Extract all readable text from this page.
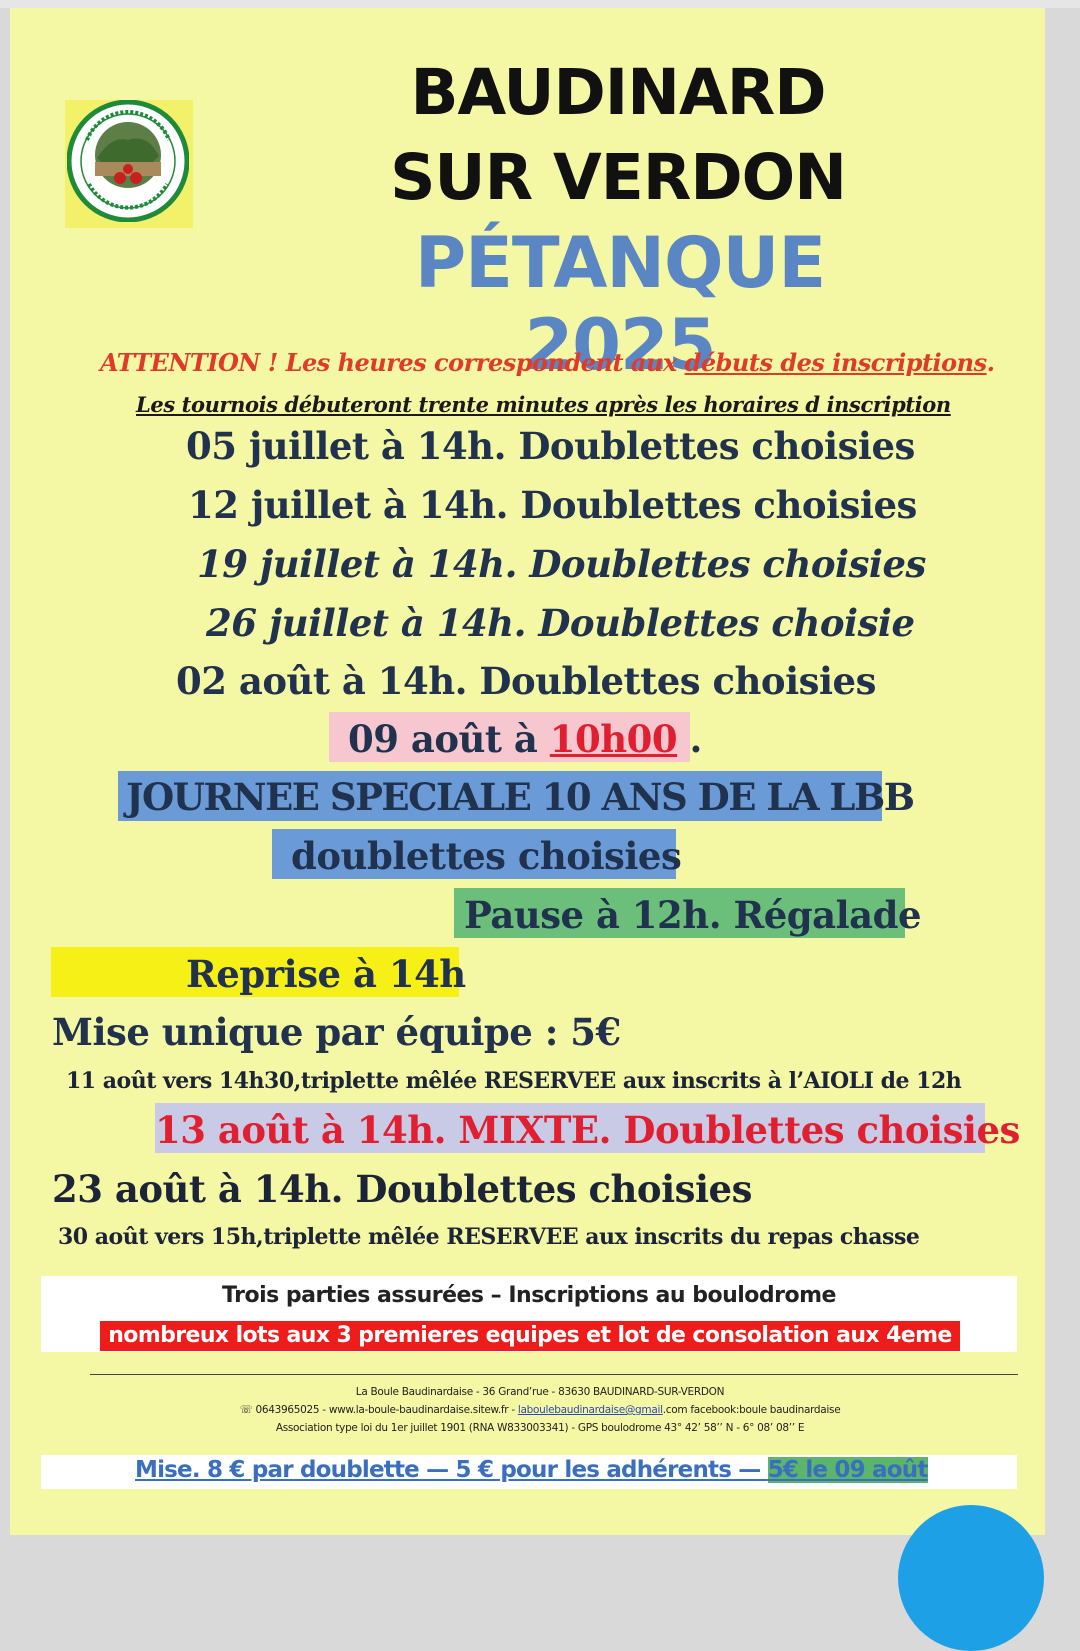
BAUDINARD
SUR VERDON
PÉTANQUE 2025
ATTENTION ! Les heures correspondent aux débuts des inscriptions.
Les tournois débuteront trente minutes après les horaires d inscription
05 juillet à 14h. Doublettes choisies
12 juillet à 14h. Doublettes choisies
19 juillet à 14h. Doublettes choisies
26 juillet à 14h. Doublettes choisie
02 août à 14h. Doublettes choisies
09 août à 10h00 .
JOURNEE SPECIALE 10 ANS DE LA LBB
doublettes choisies
Pause à 12h. Régalade
Reprise à 14h
Mise unique par équipe : 5€
11 août vers 14h30,triplette mêlée RESERVEE aux inscrits à l’AIOLI de 12h
13 août à 14h. MIXTE. Doublettes choisies
23 août à 14h. Doublettes choisies
30 août vers 15h,triplette mêlée RESERVEE aux inscrits du repas chasse
Trois parties assurées – Inscriptions au boulodrome
nombreux lots aux 3 premieres equipes et lot de consolation aux 4eme
La Boule Baudinardaise - 36 Grand’rue - 83630 BAUDINARD-SUR-VERDON
☏ 0643965025 - www.la-boule-baudinardaise.sitew.fr - laboulebaudinardaise@gmail.com facebook:boule baudinardaise
Association type loi du 1er juillet 1901 (RNA W833003341) - GPS boulodrome 43° 42’ 58’’ N - 6° 08’ 08’’ E
Mise. 8 € par doublette — 5 € pour les adhérents — 5€ le 09 août
